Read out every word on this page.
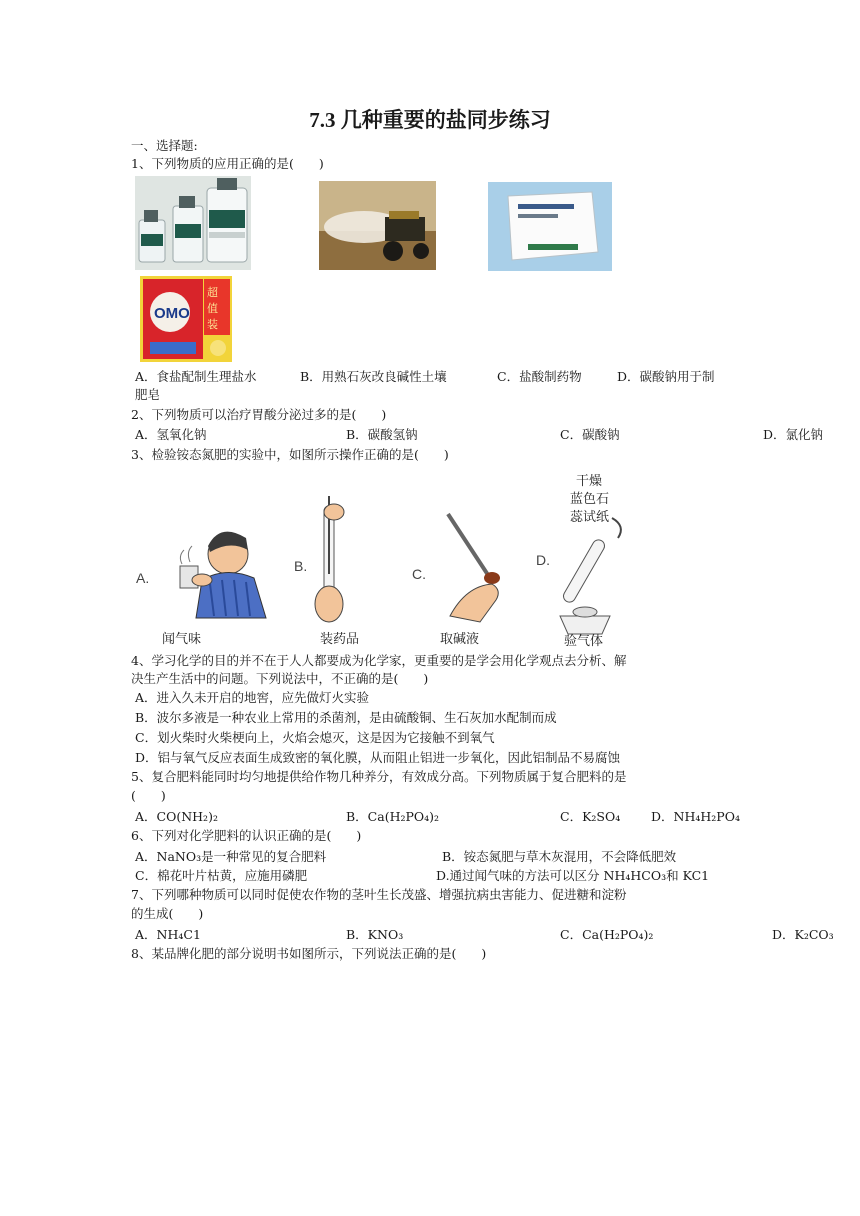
7.3 几种重要的盐同步练习
一、选择题:
1、下列物质的应用正确的是(　　)
OMO
超
值
装
A．食盐配制生理盐水	B．用熟石灰改良碱性土壤	C．盐酸制药物	D．碳酸钠用于制
肥皂
2、下列物质可以治疗胃酸分泌过多的是(　　)
A．氢氧化钠	B．碳酸氢钠	C．碳酸钠	D．氯化钠
3、检验铵态氮肥的实验中，如图所示操作正确的是(　　)
A.
闻气味
B.
装药品
C.
取碱液
D.
验气体
干燥
蓝色石
蕊试纸
4、学习化学的目的并不在于人人都要成为化学家，更重要的是学会用化学观点去分析、解
决生产生活中的问题。下列说法中，不正确的是(　　)
A．进入久未开启的地窖，应先做灯火实验
B．波尔多液是一种农业上常用的杀菌剂，是由硫酸铜、生石灰加水配制而成
C．划火柴时火柴梗向上，火焰会熄灭，这是因为它接触不到氧气
D．铝与氧气反应表面生成致密的氧化膜，从而阻止铝进一步氧化，因此铝制品不易腐蚀
5、复合肥料能同时均匀地提供给作物几种养分，有效成分高。下列物质属于复合肥料的是
(　　)
A．CO(NH₂)₂	B．Ca(H₂PO₄)₂	C．K₂SO₄ D．NH₄H₂PO₄
6、下列对化学肥料的认识正确的是(　　)
A．NaNO₃是一种常见的复合肥料	B．铵态氮肥与草木灰混用，不会降低肥效
C．棉花叶片枯黄，应施用磷肥	D.通过闻气味的方法可以区分 NH₄HCO₃和 KC1
7、下列哪种物质可以同时促使农作物的茎叶生长茂盛、增强抗病虫害能力、促进糖和淀粉
的生成(　　)
A．NH₄C1	B．KNO₃	C．Ca(H₂PO₄)₂	D．K₂CO₃
8、某品牌化肥的部分说明书如图所示，下列说法正确的是(　　)
